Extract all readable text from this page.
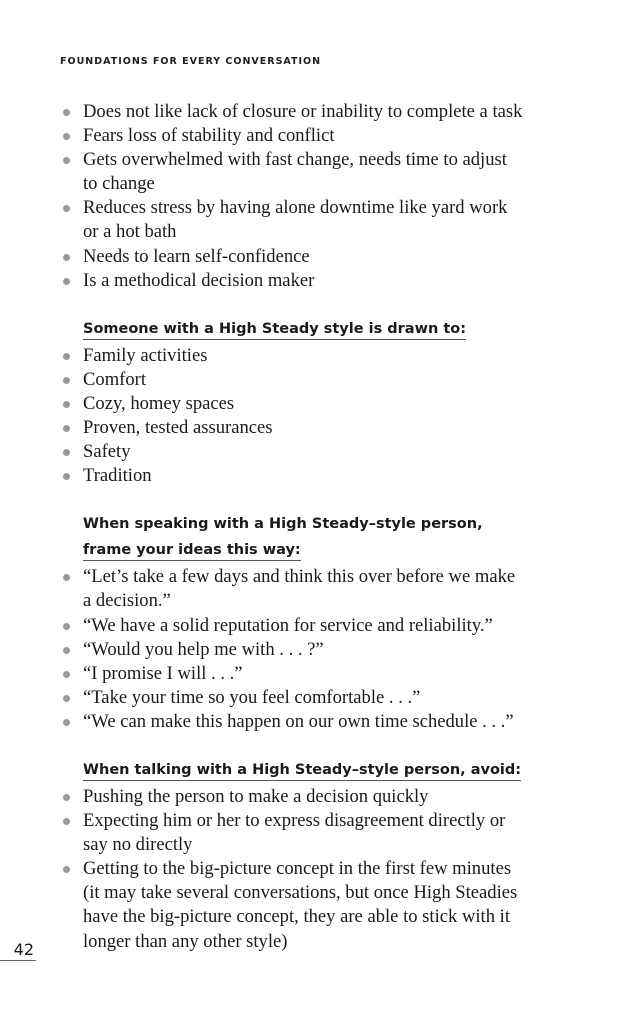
FOUNDATIONS FOR EVERY CONVERSATION
Does not like lack of closure or inability to complete a task
Fears loss of stability and conflict
Gets overwhelmed with fast change, needs time to adjust
to change
Reduces stress by having alone downtime like yard work
or a hot bath
Needs to learn self-confidence
Is a methodical decision maker
Someone with a High Steady style is drawn to:
Family activities
Comfort
Cozy, homey spaces
Proven, tested assurances
Safety
Tradition
When speaking with a High Steady–style person,
frame your ideas this way:
“Let’s take a few days and think this over before we make
a decision.”
“We have a solid reputation for service and reliability.”
“Would you help me with . . . ?”
“I promise I will . . .”
“Take your time so you feel comfortable . . .”
“We can make this happen on our own time schedule . . .”
When talking with a High Steady–style person, avoid:
Pushing the person to make a decision quickly
Expecting him or her to express disagreement directly or
say no directly
Getting to the big-picture concept in the first few minutes
(it may take several conversations, but once High Steadies
have the big-picture concept, they are able to stick with it
longer than any other style)
42
